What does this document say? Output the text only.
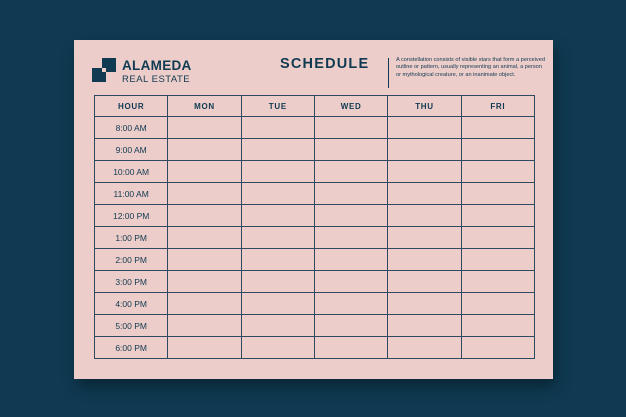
ALAMEDA
REAL ESTATE
SCHEDULE	A constellation consists of visible stars that form a perceived outline or pattern, usually representing an animal, a person or mythological creature, or an inanimate object.
HOUR	MON	TUE	WED	THU	FRI
8:00 AM					
9:00 AM					
10:00 AM					
11:00 AM					
12:00 PM					
1:00 PM					
2:00 PM					
3:00 PM					
4:00 PM					
5:00 PM					
6:00 PM					
